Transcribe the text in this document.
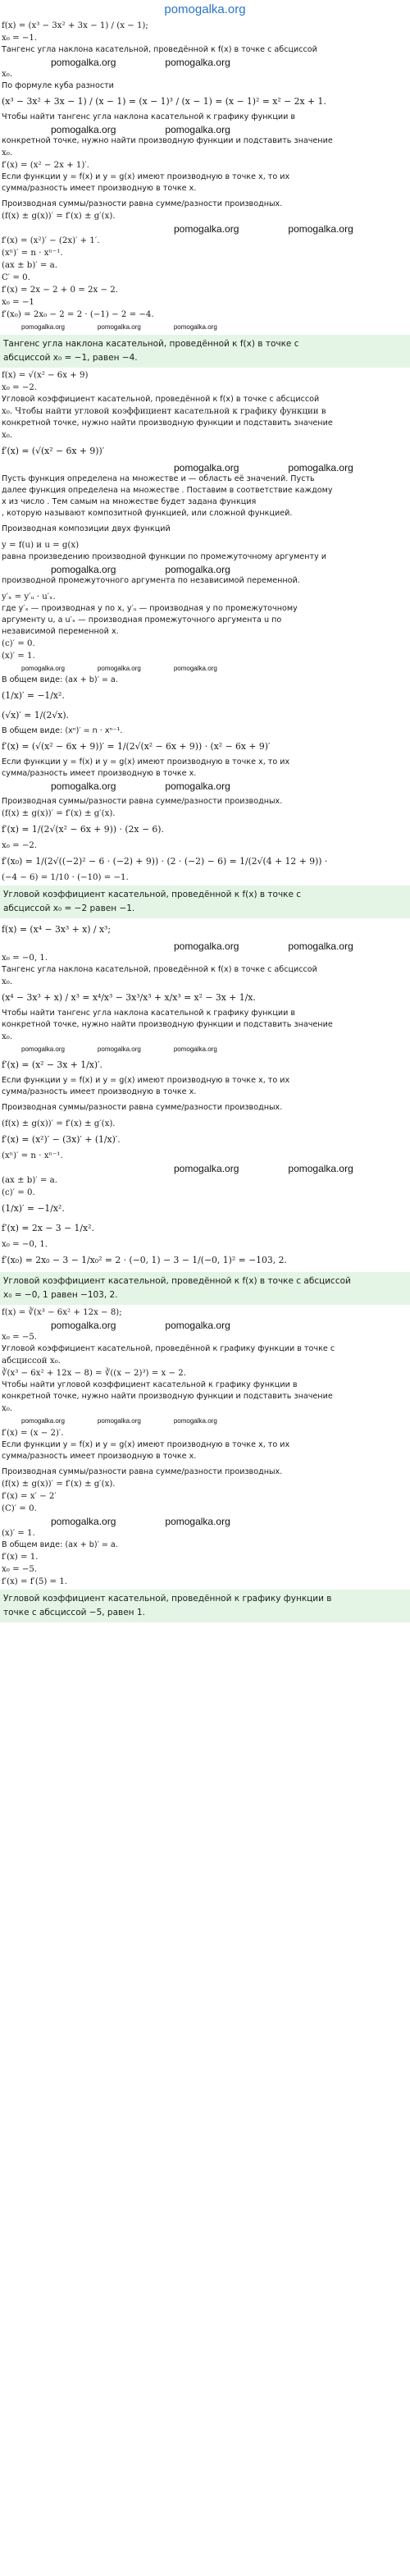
pomogalka.org
f(x) = (x³ − 3x² + 3x − 1) / (x − 1);
x₀ = −1.
Тангенс угла наклона касательной, проведённой к f(x) в точке с абсциссой
pomogalka.org	pomogalka.org
x₀.
По формуле куба разности
(x³ − 3x² + 3x − 1) / (x − 1) = (x − 1)³ / (x − 1) = (x − 1)² = x² − 2x + 1.
Чтобы найти тангенс угла наклона касательной к графику функции в
pomogalka.org	pomogalka.org
конкретной точке, нужно найти производную функции и подставить значение
x₀.
f′(x) = (x² − 2x + 1)′.
Если функции y = f(x) и y = g(x) имеют производную в точке x, то их
сумма/разность имеет производную в точке x.
Производная суммы/разности равна сумме/разности производных.
(f(x) ± g(x))′ = f′(x) ± g′(x).
pomogalka.org	pomogalka.org
f′(x) = (x²)′ − (2x)′ + 1′.
(xⁿ)′ = n · xⁿ⁻¹.
(ax ± b)′ = a.
C′ = 0.
f′(x) = 2x − 2 + 0 = 2x − 2.
x₀ = −1
f′(x₀) = 2x₀ − 2 = 2 · (−1) − 2 = −4.
pomogalka.org	pomogalka.org	pomogalka.org
Тангенс угла наклона касательной, проведённой к f(x) в точке с
абсциссой x₀ = −1, равен −4.
f(x) = √(x² − 6x + 9)
x₀ = −2.
Угловой коэффициент касательной, проведённой к f(x) в точке с абсциссой
x₀. Чтобы найти угловой коэффициент касательной к графику функции в
конкретной точке, нужно найти производную функции и подставить значение
x₀.
f′(x) = (√(x² − 6x + 9))′
pomogalka.org	pomogalka.org
Пусть функция определена на множестве и — область её значений. Пусть
далее функция определена на множестве . Поставим в соответствие каждому
x из число . Тем самым на множестве будет задана функция
, которую называют композитной функцией, или сложной функцией.
Производная композиции двух функций
y = f(u) и u = g(x)
равна произведению производной функции по промежуточному аргументу и
pomogalka.org	pomogalka.org
производной промежуточного аргумента по независимой переменной.
y′ₓ = y′ᵤ · u′ₓ.
где y′ₓ — производная y по x, y′ᵤ — производная y по промежуточному
аргументу u, a u′ₓ — производная промежуточного аргумента u по
независимой переменной x.
(c)′ = 0.
(x)′ = 1.
pomogalka.org	pomogalka.org	pomogalka.org
В общем виде: (ax + b)′ = a.
(1/x)′ = −1/x².
(√x)′ = 1/(2√x).
В общем виде: (xⁿ)′ = n · xⁿ⁻¹.
f′(x) = (√(x² − 6x + 9))′ = 1/(2√(x² − 6x + 9)) · (x² − 6x + 9)′
Если функции y = f(x) и y = g(x) имеют производную в точке x, то их
сумма/разность имеет производную в точке x.
pomogalka.org	pomogalka.org
Производная суммы/разности равна сумме/разности производных.
(f(x) ± g(x))′ = f′(x) ± g′(x).
f′(x) = 1/(2√(x² − 6x + 9)) · (2x − 6).
x₀ = −2.
f′(x₀) = 1/(2√((−2)² − 6 · (−2) + 9)) · (2 · (−2) − 6) = 1/(2√(4 + 12 + 9)) ·
(−4 − 6) = 1/10 · (−10) = −1.
Угловой коэффициент касательной, проведённой к f(x) в точке с
абсциссой x₀ = −2 равен −1.
f(x) = (x⁴ − 3x³ + x) / x³;
pomogalka.org	pomogalka.org
x₀ = −0, 1.
Тангенс угла наклона касательной, проведённой к f(x) в точке с абсциссой
x₀.
(x⁴ − 3x³ + x) / x³ = x⁴/x³ − 3x³/x³ + x/x³ = x² − 3x + 1/x.
Чтобы найти тангенс угла наклона касательной к графику функции в
конкретной точке, нужно найти производную функции и подставить значение
x₀.
pomogalka.org	pomogalka.org	pomogalka.org
f′(x) = (x² − 3x + 1/x)′.
Если функции y = f(x) и y = g(x) имеют производную в точке x, то их
сумма/разность имеет производную в точке x.
Производная суммы/разности равна сумме/разности производных.
(f(x) ± g(x))′ = f′(x) ± g′(x).
f′(x) = (x²)′ − (3x)′ + (1/x)′.
(xⁿ)′ = n · xⁿ⁻¹.
pomogalka.org	pomogalka.org
(ax ± b)′ = a.
(c)′ = 0.
(1/x)′ = −1/x².
f′(x) = 2x − 3 − 1/x².
x₀ = −0, 1.
f′(x₀) = 2x₀ − 3 − 1/x₀² = 2 · (−0, 1) − 3 − 1/(−0, 1)² = −103, 2.
Угловой коэффициент касательной, проведённой к f(x) в точке с абсциссой
x₀ = −0, 1 равен −103, 2.
f(x) = ∛(x³ − 6x² + 12x − 8);
pomogalka.org	pomogalka.org
x₀ = −5.
Угловой коэффициент касательной, проведённой к графику функции в точке с
абсциссой x₀.
∛(x³ − 6x² + 12x − 8) = ∛((x − 2)³) = x − 2.
Чтобы найти угловой коэффициент касательной к графику функции в
конкретной точке, нужно найти производную функции и подставить значение
x₀.
pomogalka.org	pomogalka.org	pomogalka.org
f′(x) = (x − 2)′.
Если функции y = f(x) и y = g(x) имеют производную в точке x, то их
сумма/разность имеет производную в точке x.
Производная суммы/разности равна сумме/разности производных.
(f(x) ± g(x))′ = f′(x) ± g′(x).
f′(x) = x′ − 2′
(C)′ = 0.
pomogalka.org	pomogalka.org
(x)′ = 1.
В общем виде: (ax + b)′ = a.
f′(x) = 1.
x₀ = −5.
f′(x) = f′(5) = 1.
Угловой коэффициент касательной, проведённой к графику функции в
точке с абсциссой −5, равен 1.
